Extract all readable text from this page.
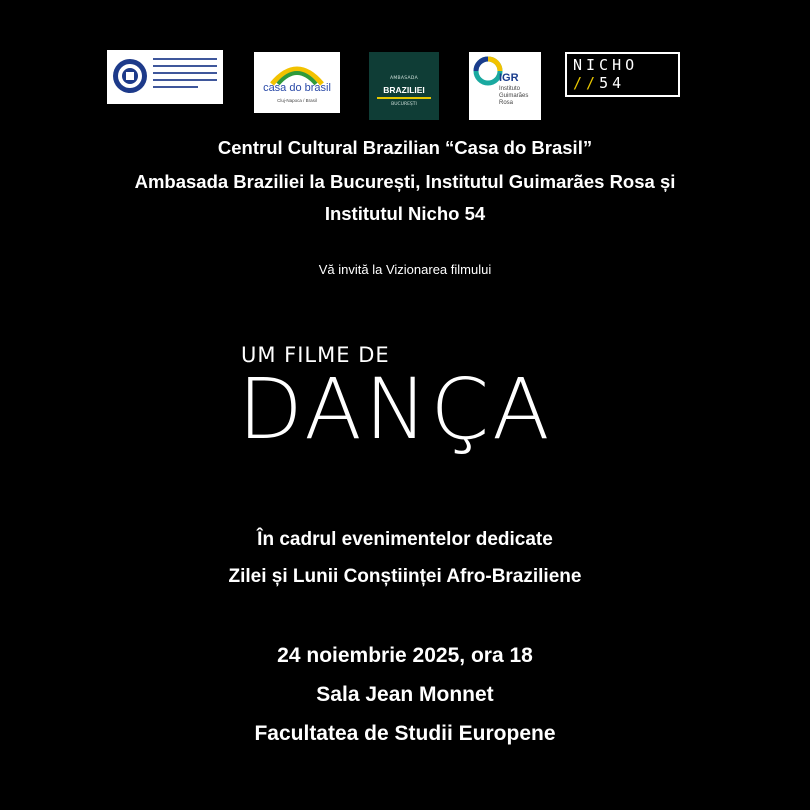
casa do brasil
Cluj-Napoca / Brasil
AMBASADA
BRAZILIEI
BUCUREȘTI
IGR
Instituto Guimarães Rosa
NICHO
//54
Centrul Cultural Brazilian “Casa do Brasil”
Ambasada Braziliei la București, Institutul Guimarães Rosa și
Institutul Nicho 54
Vă invită la Vizionarea filmului
UM FILME DE
DANÇA
În cadrul evenimentelor dedicate
Zilei și Lunii Conștiinței Afro-Braziliene
24 noiembrie 2025, ora 18
Sala Jean Monnet
Facultatea de Studii Europene
